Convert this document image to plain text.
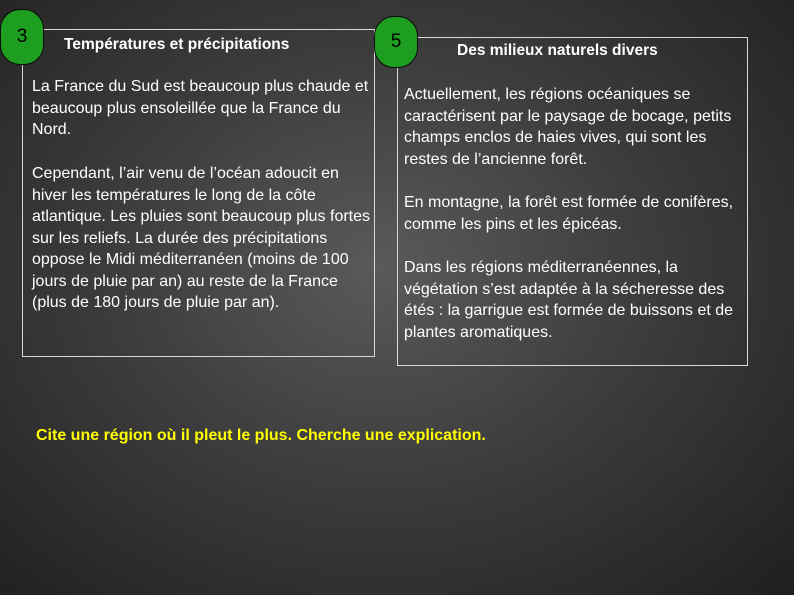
3	Températures et précipitations

La France du Sud est beaucoup plus chaude et beaucoup plus ensoleillée que la France du Nord.

Cependant, l’air venu de l’océan adoucit en hiver les températures le long de la côte atlantique. Les pluies sont beaucoup plus fortes sur les reliefs. La durée des précipitations oppose le Midi méditerranéen (moins de 100 jours de pluie par an) au reste de la France (plus de 180 jours de pluie par an).

5	Des milieux naturels divers

Actuellement, les régions océaniques se caractérisent par le paysage de bocage, petits champs enclos de haies vives, qui sont les restes de l’ancienne forêt.

En montagne, la forêt est formée de conifères, comme les pins et les épicéas.

Dans les régions méditerranéennes, la végétation s’est adaptée à la sécheresse des étés : la garrigue est formée de buissons et de plantes aromatiques.

Cite une région où il pleut le plus. Cherche une explication.
